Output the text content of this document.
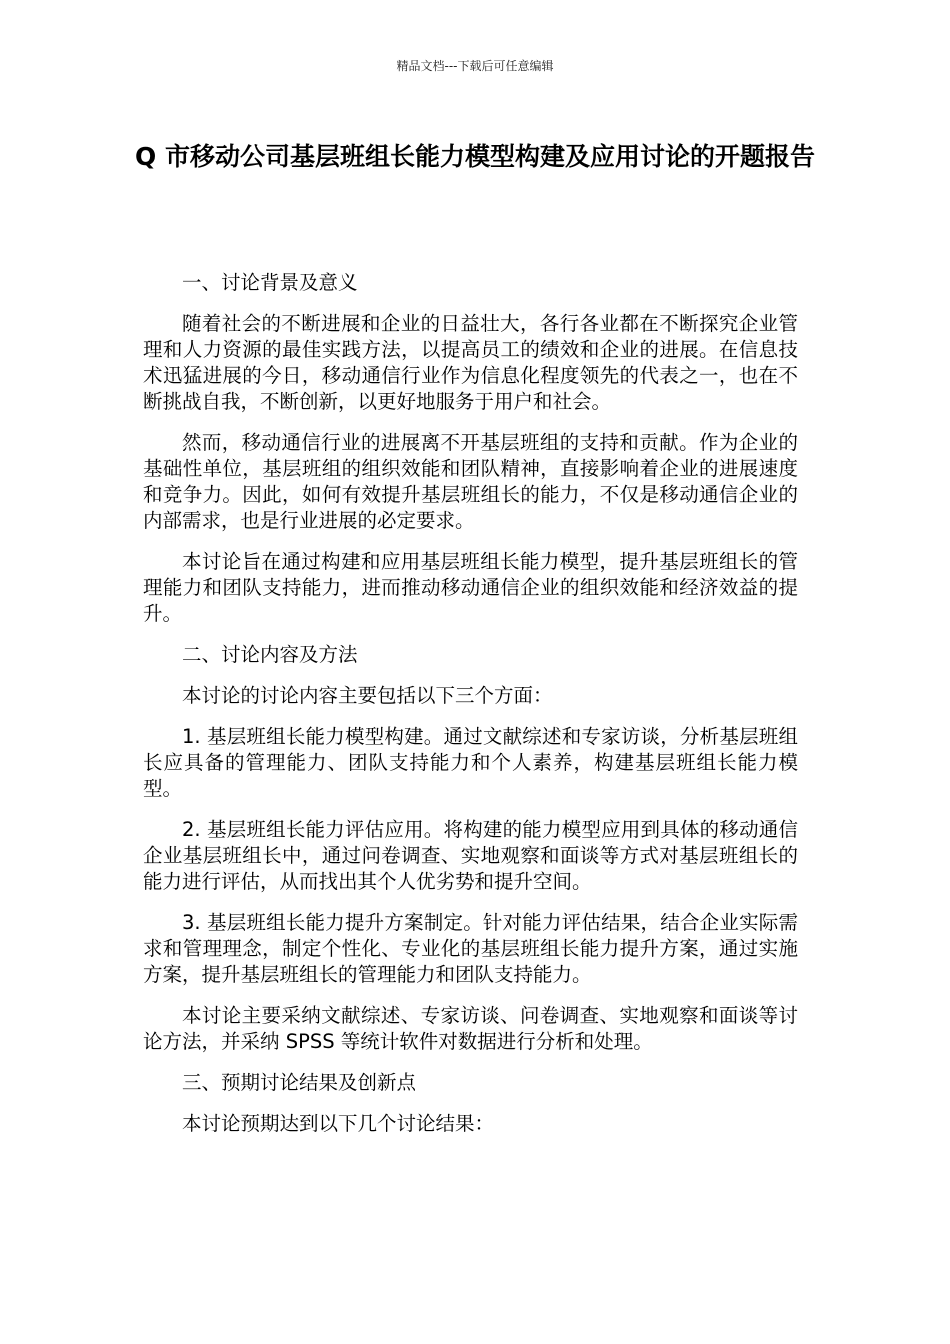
精品文档---下载后可任意编辑
Q 市移动公司基层班组长能力模型构建及应用讨论的开题报告

一、讨论背景及意义

随着社会的不断进展和企业的日益壮大，各行各业都在不断探究企业管理和人力资源的最佳实践方法，以提高员工的绩效和企业的进展。在信息技术迅猛进展的今日，移动通信行业作为信息化程度领先的代表之一，也在不断挑战自我，不断创新，以更好地服务于用户和社会。

然而，移动通信行业的进展离不开基层班组的支持和贡献。作为企业的基础性单位，基层班组的组织效能和团队精神，直接影响着企业的进展速度和竞争力。因此，如何有效提升基层班组长的能力，不仅是移动通信企业的内部需求，也是行业进展的必定要求。

本讨论旨在通过构建和应用基层班组长能力模型，提升基层班组长的管理能力和团队支持能力，进而推动移动通信企业的组织效能和经济效益的提升。

二、讨论内容及方法

本讨论的讨论内容主要包括以下三个方面：

1. 基层班组长能力模型构建。通过文献综述和专家访谈，分析基层班组长应具备的管理能力、团队支持能力和个人素养，构建基层班组长能力模型。

2. 基层班组长能力评估应用。将构建的能力模型应用到具体的移动通信企业基层班组长中，通过问卷调查、实地观察和面谈等方式对基层班组长的能力进行评估，从而找出其个人优劣势和提升空间。

3. 基层班组长能力提升方案制定。针对能力评估结果，结合企业实际需求和管理理念，制定个性化、专业化的基层班组长能力提升方案，通过实施方案，提升基层班组长的管理能力和团队支持能力。

本讨论主要采纳文献综述、专家访谈、问卷调查、实地观察和面谈等讨论方法，并采纳 SPSS 等统计软件对数据进行分析和处理。

三、预期讨论结果及创新点

本讨论预期达到以下几个讨论结果：
